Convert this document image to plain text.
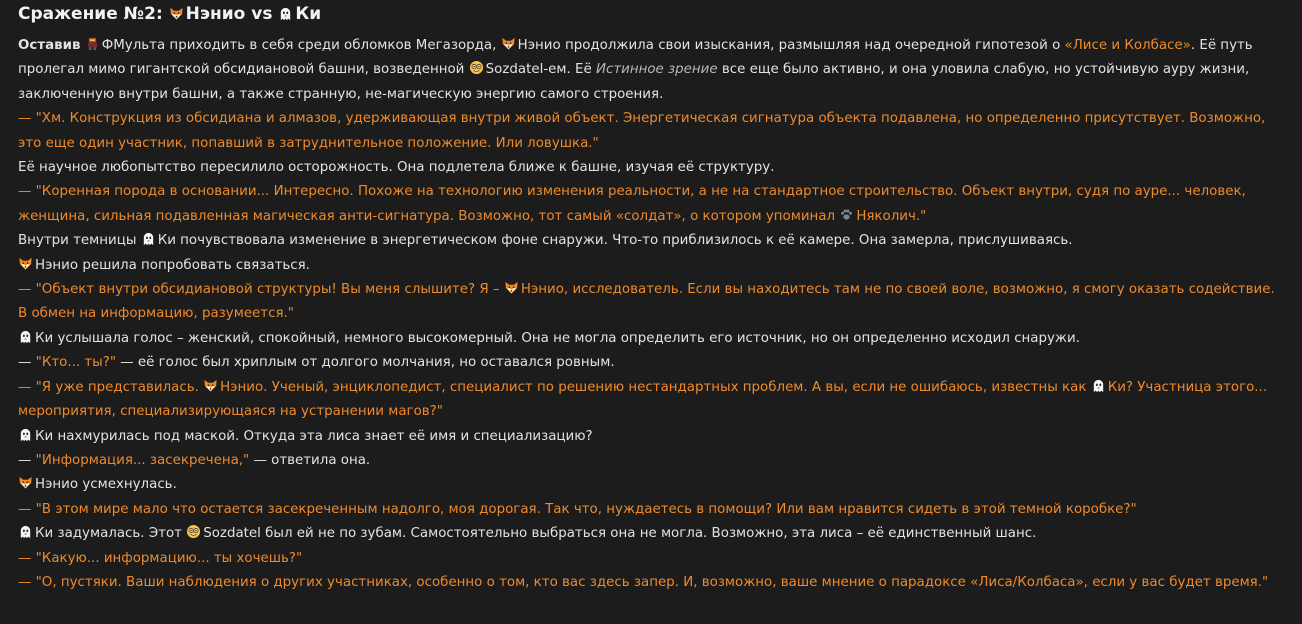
Сражение №2: Нэнио vs Ки

Оставив ФМульта приходить в себя среди обломков Мегазорда, Нэнио продолжила свои изыскания, размышляя над очередной гипотезой о «Лисе и Колбасе». Её путь пролегал мимо гигантской обсидиановой башни, возведенной Sozdatel-ем. Её Истинное зрение все еще было активно, и она уловила слабую, но устойчивую ауру жизни, заключенную внутри башни, а также странную, не-магическую энергию самого строения.

— "Хм. Конструкция из обсидиана и алмазов, удерживающая внутри живой объект. Энергетическая сигнатура объекта подавлена, но определенно присутствует. Возможно, это еще один участник, попавший в затруднительное положение. Или ловушка."

Её научное любопытство пересилило осторожность. Она подлетела ближе к башне, изучая её структуру.

— "Коренная порода в основании... Интересно. Похоже на технологию изменения реальности, а не на стандартное строительство. Объект внутри, судя по ауре... человек, женщина, сильная подавленная магическая анти-сигнатура. Возможно, тот самый «солдат», о котором упоминал Няколич."

Внутри темницы Ки почувствовала изменение в энергетическом фоне снаружи. Что-то приблизилось к её камере. Она замерла, прислушиваясь.

Нэнио решила попробовать связаться.

— "Объект внутри обсидиановой структуры! Вы меня слышите? Я – Нэнио, исследователь. Если вы находитесь там не по своей воле, возможно, я смогу оказать содействие. В обмен на информацию, разумеется."

Ки услышала голос – женский, спокойный, немного высокомерный. Она не могла определить его источник, но он определенно исходил снаружи.

— "Кто... ты?" — её голос был хриплым от долгого молчания, но оставался ровным.

— "Я уже представилась. Нэнио. Ученый, энциклопедист, специалист по решению нестандартных проблем. А вы, если не ошибаюсь, известны как Ки? Участница этого... мероприятия, специализирующаяся на устранении магов?"

Ки нахмурилась под маской. Откуда эта лиса знает её имя и специализацию?

— "Информация... засекречена," — ответила она.

Нэнио усмехнулась.

— "В этом мире мало что остается засекреченным надолго, моя дорогая. Так что, нуждаетесь в помощи? Или вам нравится сидеть в этой темной коробке?"

Ки задумалась. Этот Sozdatel был ей не по зубам. Самостоятельно выбраться она не могла. Возможно, эта лиса – её единственный шанс.

— "Какую... информацию... ты хочешь?"

— "О, пустяки. Ваши наблюдения о других участниках, особенно о том, кто вас здесь запер. И, возможно, ваше мнение о парадоксе «Лиса/Колбаса», если у вас будет время."
